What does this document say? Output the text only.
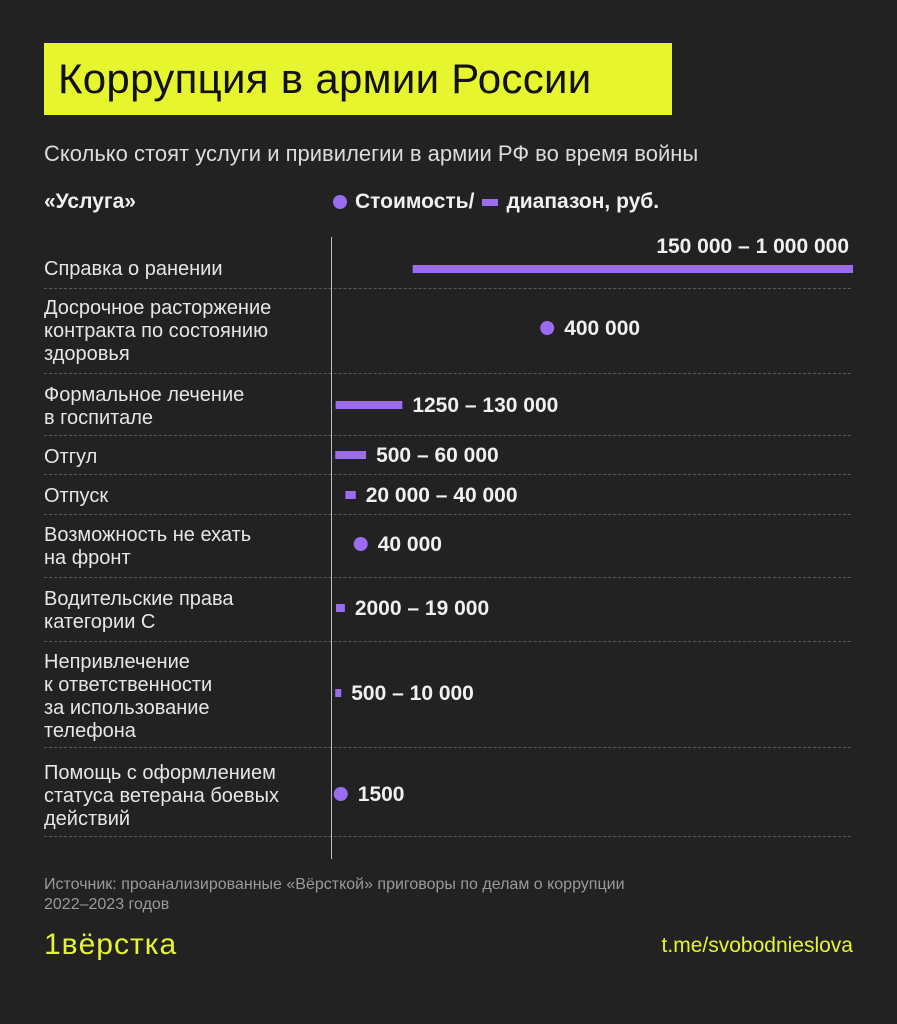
Коррупция в армии России
Сколько стоят услуги и привилегии в армии РФ во время войны
«Услуга»	Стоимость/ диапазон, руб.
Справка о ранении
Досрочное расторжение
контракта по состоянию
здоровья
Формальное лечение
в госпитале
Отгул
Отпуск
Возможность не ехать
на фронт
Водительские права
категории C
Непривлечение
к ответственности
за использование
телефона
Помощь с оформлением
статуса ветерана боевых
действий
150 000 – 1 000 000
400 000
1250 – 130 000
500 – 60 000
20 000 – 40 000
40 000
2000 – 19 000
500 – 10 000
1500
Источник: проанализированные «Вёрсткой» приговоры по делам о коррупции
2022–2023 годов
1вёрстка	t.me/svobodnieslova
